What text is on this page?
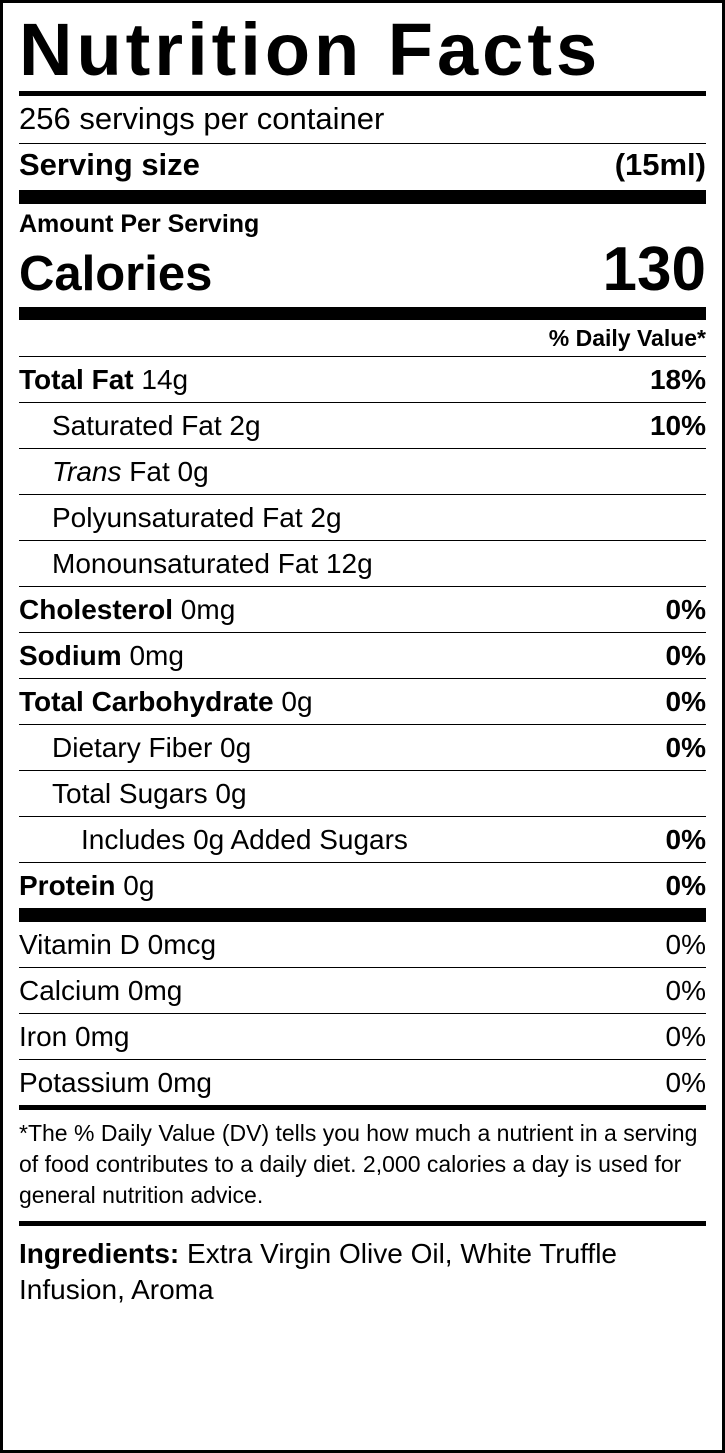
Nutrition Facts
256 servings per container
Serving size	(15ml)
Amount Per Serving
Calories	130
% Daily Value*
Total Fat 14g	18%
Saturated Fat 2g	10%
Trans Fat 0g
Polyunsaturated Fat 2g
Monounsaturated Fat 12g
Cholesterol 0mg	0%
Sodium 0mg	0%
Total Carbohydrate 0g	0%
Dietary Fiber 0g	0%
Total Sugars 0g
Includes 0g Added Sugars	0%
Protein 0g	0%
Vitamin D 0mcg	0%
Calcium 0mg	0%
Iron 0mg	0%
Potassium 0mg	0%
*The % Daily Value (DV) tells you how much a nutrient in a serving of food contributes to a daily diet. 2,000 calories a day is used for general nutrition advice.
Ingredients: Extra Virgin Olive Oil, White Truffle Infusion, Aroma
